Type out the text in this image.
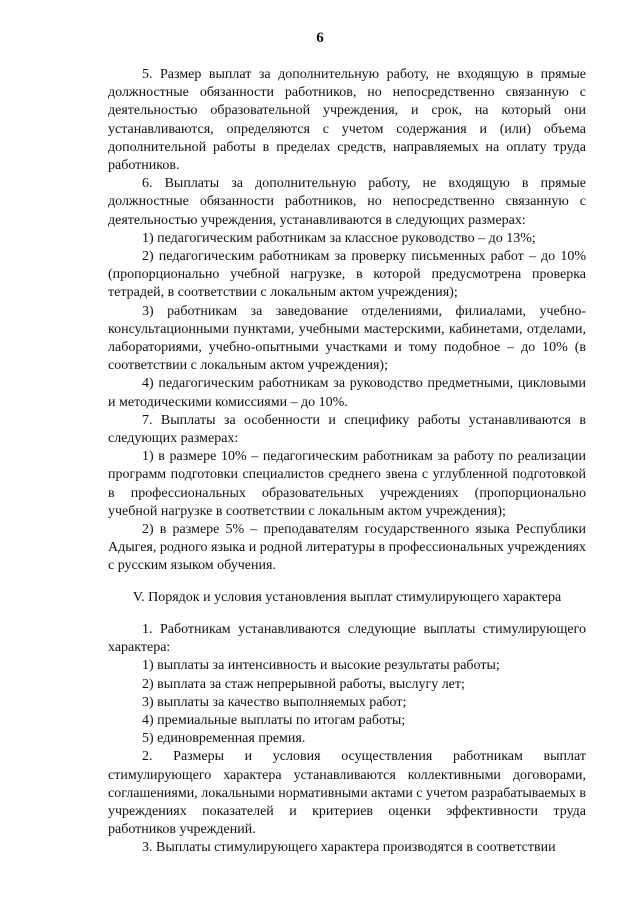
6

5. Размер выплат за дополнительную работу, не входящую в прямые должностные обязанности работников, но непосредственно связанную с деятельностью образовательной учреждения, и срок, на который они устанавливаются, определяются с учетом содержания и (или) объема дополнительной работы в пределах средств, направляемых на оплату труда работников.

6. Выплаты за дополнительную работу, не входящую в прямые должностные обязанности работников, но непосредственно связанную с деятельностью учреждения, устанавливаются в следующих размерах:

1) педагогическим работникам за классное руководство – до 13%;

2) педагогическим работникам за проверку письменных работ – до 10% (пропорционально учебной нагрузке, в которой предусмотрена проверка тетрадей, в соответствии с локальным актом учреждения);

3) работникам за заведование отделениями, филиалами, учебно-консультационными пунктами, учебными мастерскими, кабинетами, отделами, лабораториями, учебно-опытными участками и тому подобное – до 10% (в соответствии с локальным актом учреждения);

4) педагогическим работникам за руководство предметными, цикловыми и методическими комиссиями – до 10%.

7. Выплаты за особенности и специфику работы устанавливаются в следующих размерах:

1) в размере 10% – педагогическим работникам за работу по реализации программ подготовки специалистов среднего звена с углубленной подготовкой в профессиональных образовательных учреждениях (пропорционально учебной нагрузке в соответствии с локальным актом учреждения);

2) в размере 5% – преподавателям государственного языка Республики Адыгея, родного языка и родной литературы в профессиональных учреждениях с русским языком обучения.

V. Порядок и условия установления выплат стимулирующего характера

1. Работникам устанавливаются следующие выплаты стимулирующего характера:

1) выплаты за интенсивность и высокие результаты работы;

2) выплата за стаж непрерывной работы, выслугу лет;

3) выплаты за качество выполняемых работ;

4) премиальные выплаты по итогам работы;

5) единовременная премия.

2. Размеры и условия осуществления работникам выплат стимулирующего характера устанавливаются коллективными договорами, соглашениями, локальными нормативными актами с учетом разрабатываемых в учреждениях показателей и критериев оценки эффективности труда работников учреждений.

3. Выплаты стимулирующего характера производятся в соответствии
